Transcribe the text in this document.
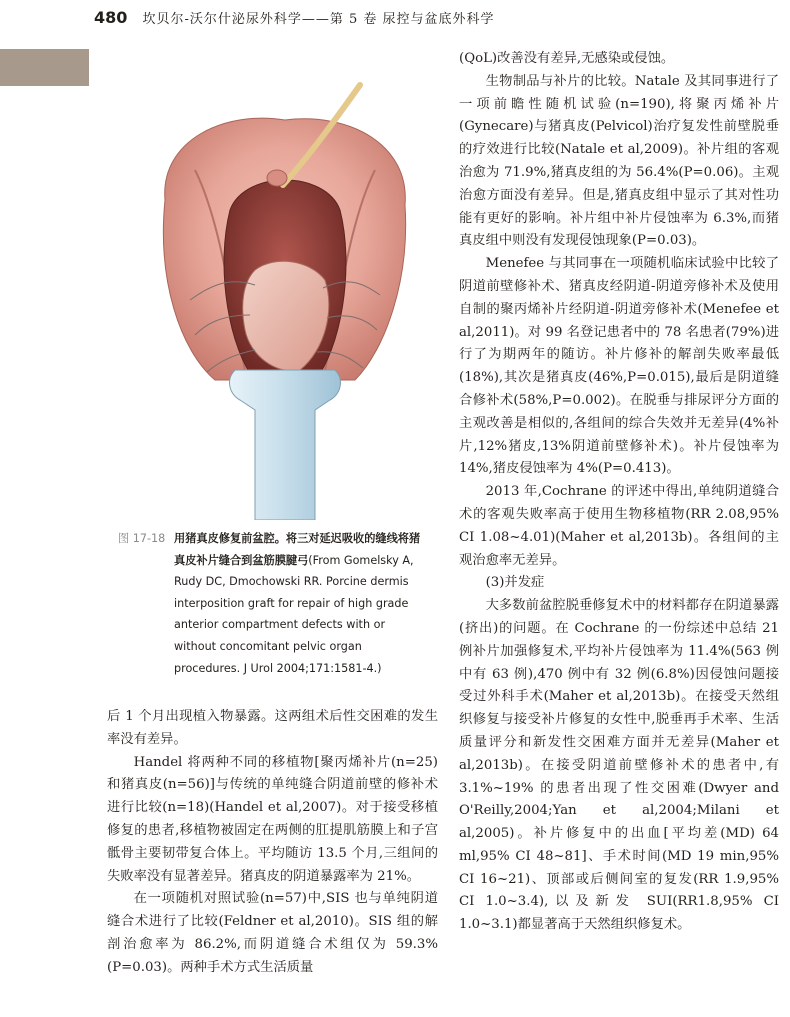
480 坎贝尔-沃尔什泌尿外科学——第 5 卷 尿控与盆底外科学
图 17-18 用猪真皮修复前盆腔。将三对延迟吸收的缝线将猪真皮补片缝合到盆筋膜腱弓(From Gomelsky A, Rudy DC, Dmochowski RR. Porcine dermis interposition graft for repair of high grade anterior compartment defects with or without concomitant pelvic organ procedures. J Urol 2004;171:1581-4.)

后 1 个月出现植入物暴露。这两组术后性交困难的发生率没有差异。

Handel 将两种不同的移植物[聚丙烯补片(n=25)和猪真皮(n=56)]与传统的单纯缝合阴道前壁的修补术进行比较(n=18)(Handel et al,2007)。对于接受移植修复的患者,移植物被固定在两侧的肛提肌筋膜上和子宫骶骨主要韧带复合体上。平均随访 13.5 个月,三组间的失败率没有显著差异。猪真皮的阴道暴露率为 21%。

在一项随机对照试验(n=57)中,SIS 也与单纯阴道缝合术进行了比较(Feldner et al,2010)。SIS 组的解剖治愈率为 86.2%,而阴道缝合术组仅为 59.3%(P=0.03)。两种手术方式生活质量

(QoL)改善没有差异,无感染或侵蚀。

生物制品与补片的比较。Natale 及其同事进行了一项前瞻性随机试验(n=190),将聚丙烯补片(Gynecare)与猪真皮(Pelvicol)治疗复发性前壁脱垂的疗效进行比较(Natale et al,2009)。补片组的客观治愈为 71.9%,猪真皮组的为 56.4%(P=0.06)。主观治愈方面没有差异。但是,猪真皮组中显示了其对性功能有更好的影响。补片组中补片侵蚀率为 6.3%,而猪真皮组中则没有发现侵蚀现象(P=0.03)。

Menefee 与其同事在一项随机临床试验中比较了阴道前壁修补术、猪真皮经阴道-阴道旁修补术及使用自制的聚丙烯补片经阴道-阴道旁修补术(Menefee et al,2011)。对 99 名登记患者中的 78 名患者(79%)进行了为期两年的随访。补片修补的解剖失败率最低(18%),其次是猪真皮(46%,P=0.015),最后是阴道缝合修补术(58%,P=0.002)。在脱垂与排尿评分方面的主观改善是相似的,各组间的综合失效并无差异(4%补片,12%猪皮,13%阴道前壁修补术)。补片侵蚀率为 14%,猪皮侵蚀率为 4%(P=0.413)。

2013 年,Cochrane 的评述中得出,单纯阴道缝合术的客观失败率高于使用生物移植物(RR 2.08,95% CI 1.08~4.01)(Maher et al,2013b)。各组间的主观治愈率无差异。

(3)并发症

大多数前盆腔脱垂修复术中的材料都存在阴道暴露(挤出)的问题。在 Cochrane 的一份综述中总结 21 例补片加强修复术,平均补片侵蚀率为 11.4%(563 例中有 63 例),470 例中有 32 例(6.8%)因侵蚀问题接受过外科手术(Maher et al,2013b)。在接受天然组织修复与接受补片修复的女性中,脱垂再手术率、生活质量评分和新发性交困难方面并无差异(Maher et al,2013b)。在接受阴道前壁修补术的患者中,有 3.1%~19% 的患者出现了性交困难(Dwyer and O'Reilly,2004;Yan et al,2004;Milani et al,2005)。补片修复中的出血[平均差(MD) 64 ml,95% CI 48~81]、手术时间(MD 19 min,95% CI 16~21)、顶部或后侧间室的复发(RR 1.9,95% CI 1.0~3.4),以及新发 SUI(RR1.8,95% CI 1.0~3.1)都显著高于天然组织修复术。
